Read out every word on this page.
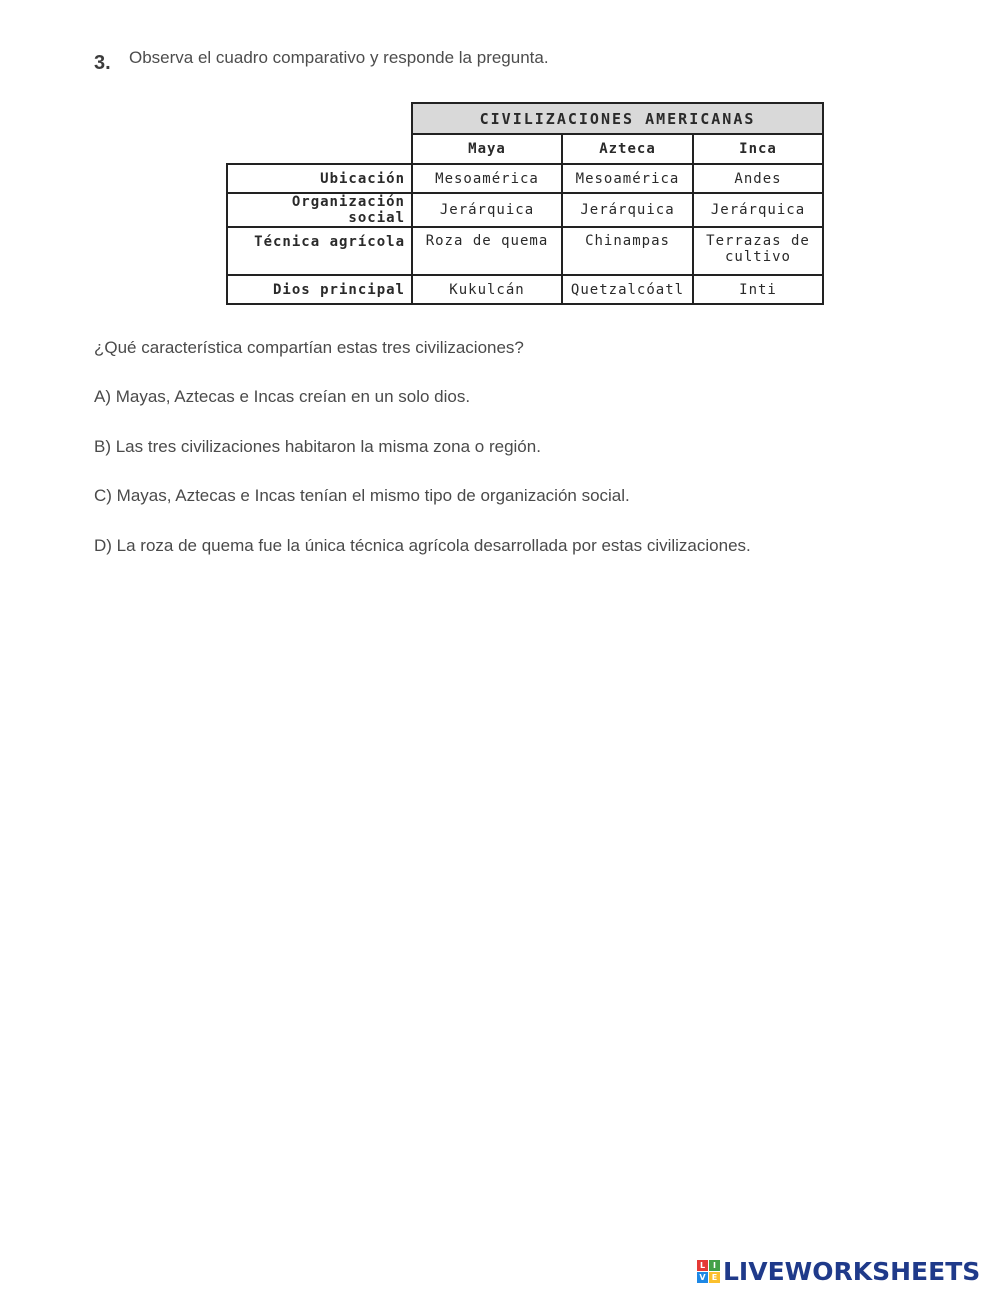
3. Observa el cuadro comparativo y responde la pregunta.
	CIVILIZACIONES AMERICANAS		
	Maya	Azteca	Inca
Ubicación	Mesoamérica	Mesoamérica	Andes
Organización social	Jerárquica	Jerárquica	Jerárquica
Técnica agrícola	Roza de quema	Chinampas	Terrazas de cultivo
Dios principal	Kukulcán	Quetzalcóatl	Inti
¿Qué característica compartían estas tres civilizaciones?
A) Mayas, Aztecas e Incas creían en un solo dios.
B) Las tres civilizaciones habitaron la misma zona o región.
C) Mayas, Aztecas e Incas tenían el mismo tipo de organización social.
D) La roza de quema fue la única técnica agrícola desarrollada por estas civilizaciones.
L I
V E LIVEWORKSHEETS
